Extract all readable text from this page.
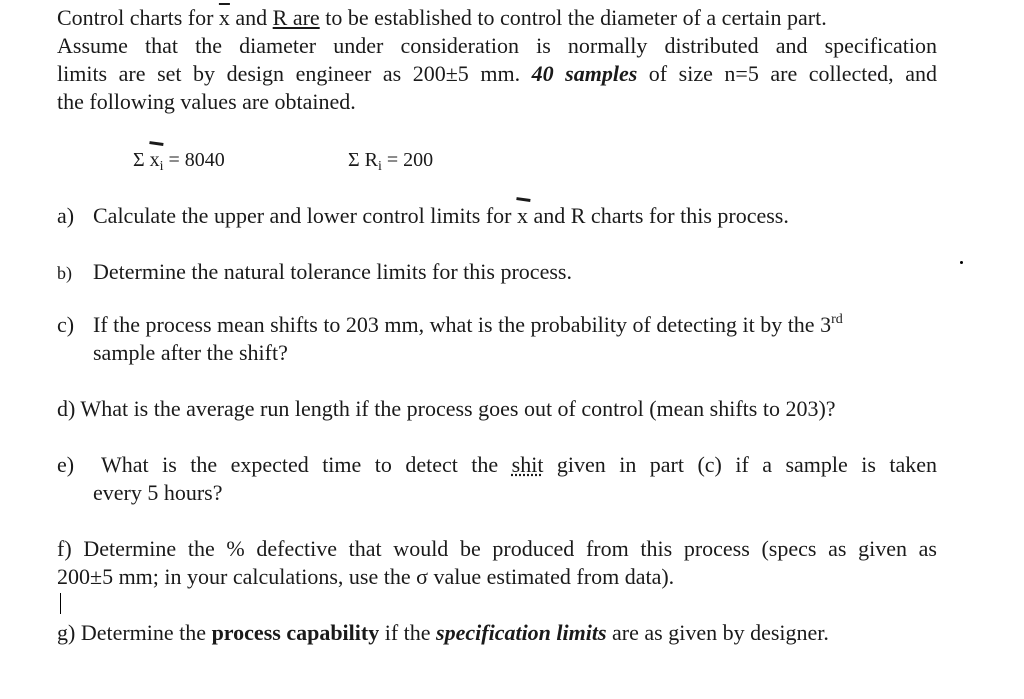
Control charts for $\overline{x}$ and R are to be established to control the diameter of a certain part.
Assume that the diameter under consideration is normally distributed and specification
limits are set by design engineer as 200±5 mm. 40 samples of size n=5 are collected, and
the following values are obtained.
Σ $x_i = 8040$	Σ $R_i = 200$
a) Calculate the upper and lower control limits for x and R charts for this process.
b) Determine the natural tolerance limits for this process.
c) If the process mean shifts to 203 mm, what is the probability of detecting it by the 3rd
sample after the shift?
d) What is the average run length if the process goes out of control (mean shifts to 203)?
e) What is the expected time to detect the shit given in part (c) if a sample is taken
every 5 hours?
f) Determine the % defective that would be produced from this process (specs as given as
200±5 mm; in your calculations, use the σ value estimated from data).
g) Determine the process capability if the specification limits are as given by designer.
